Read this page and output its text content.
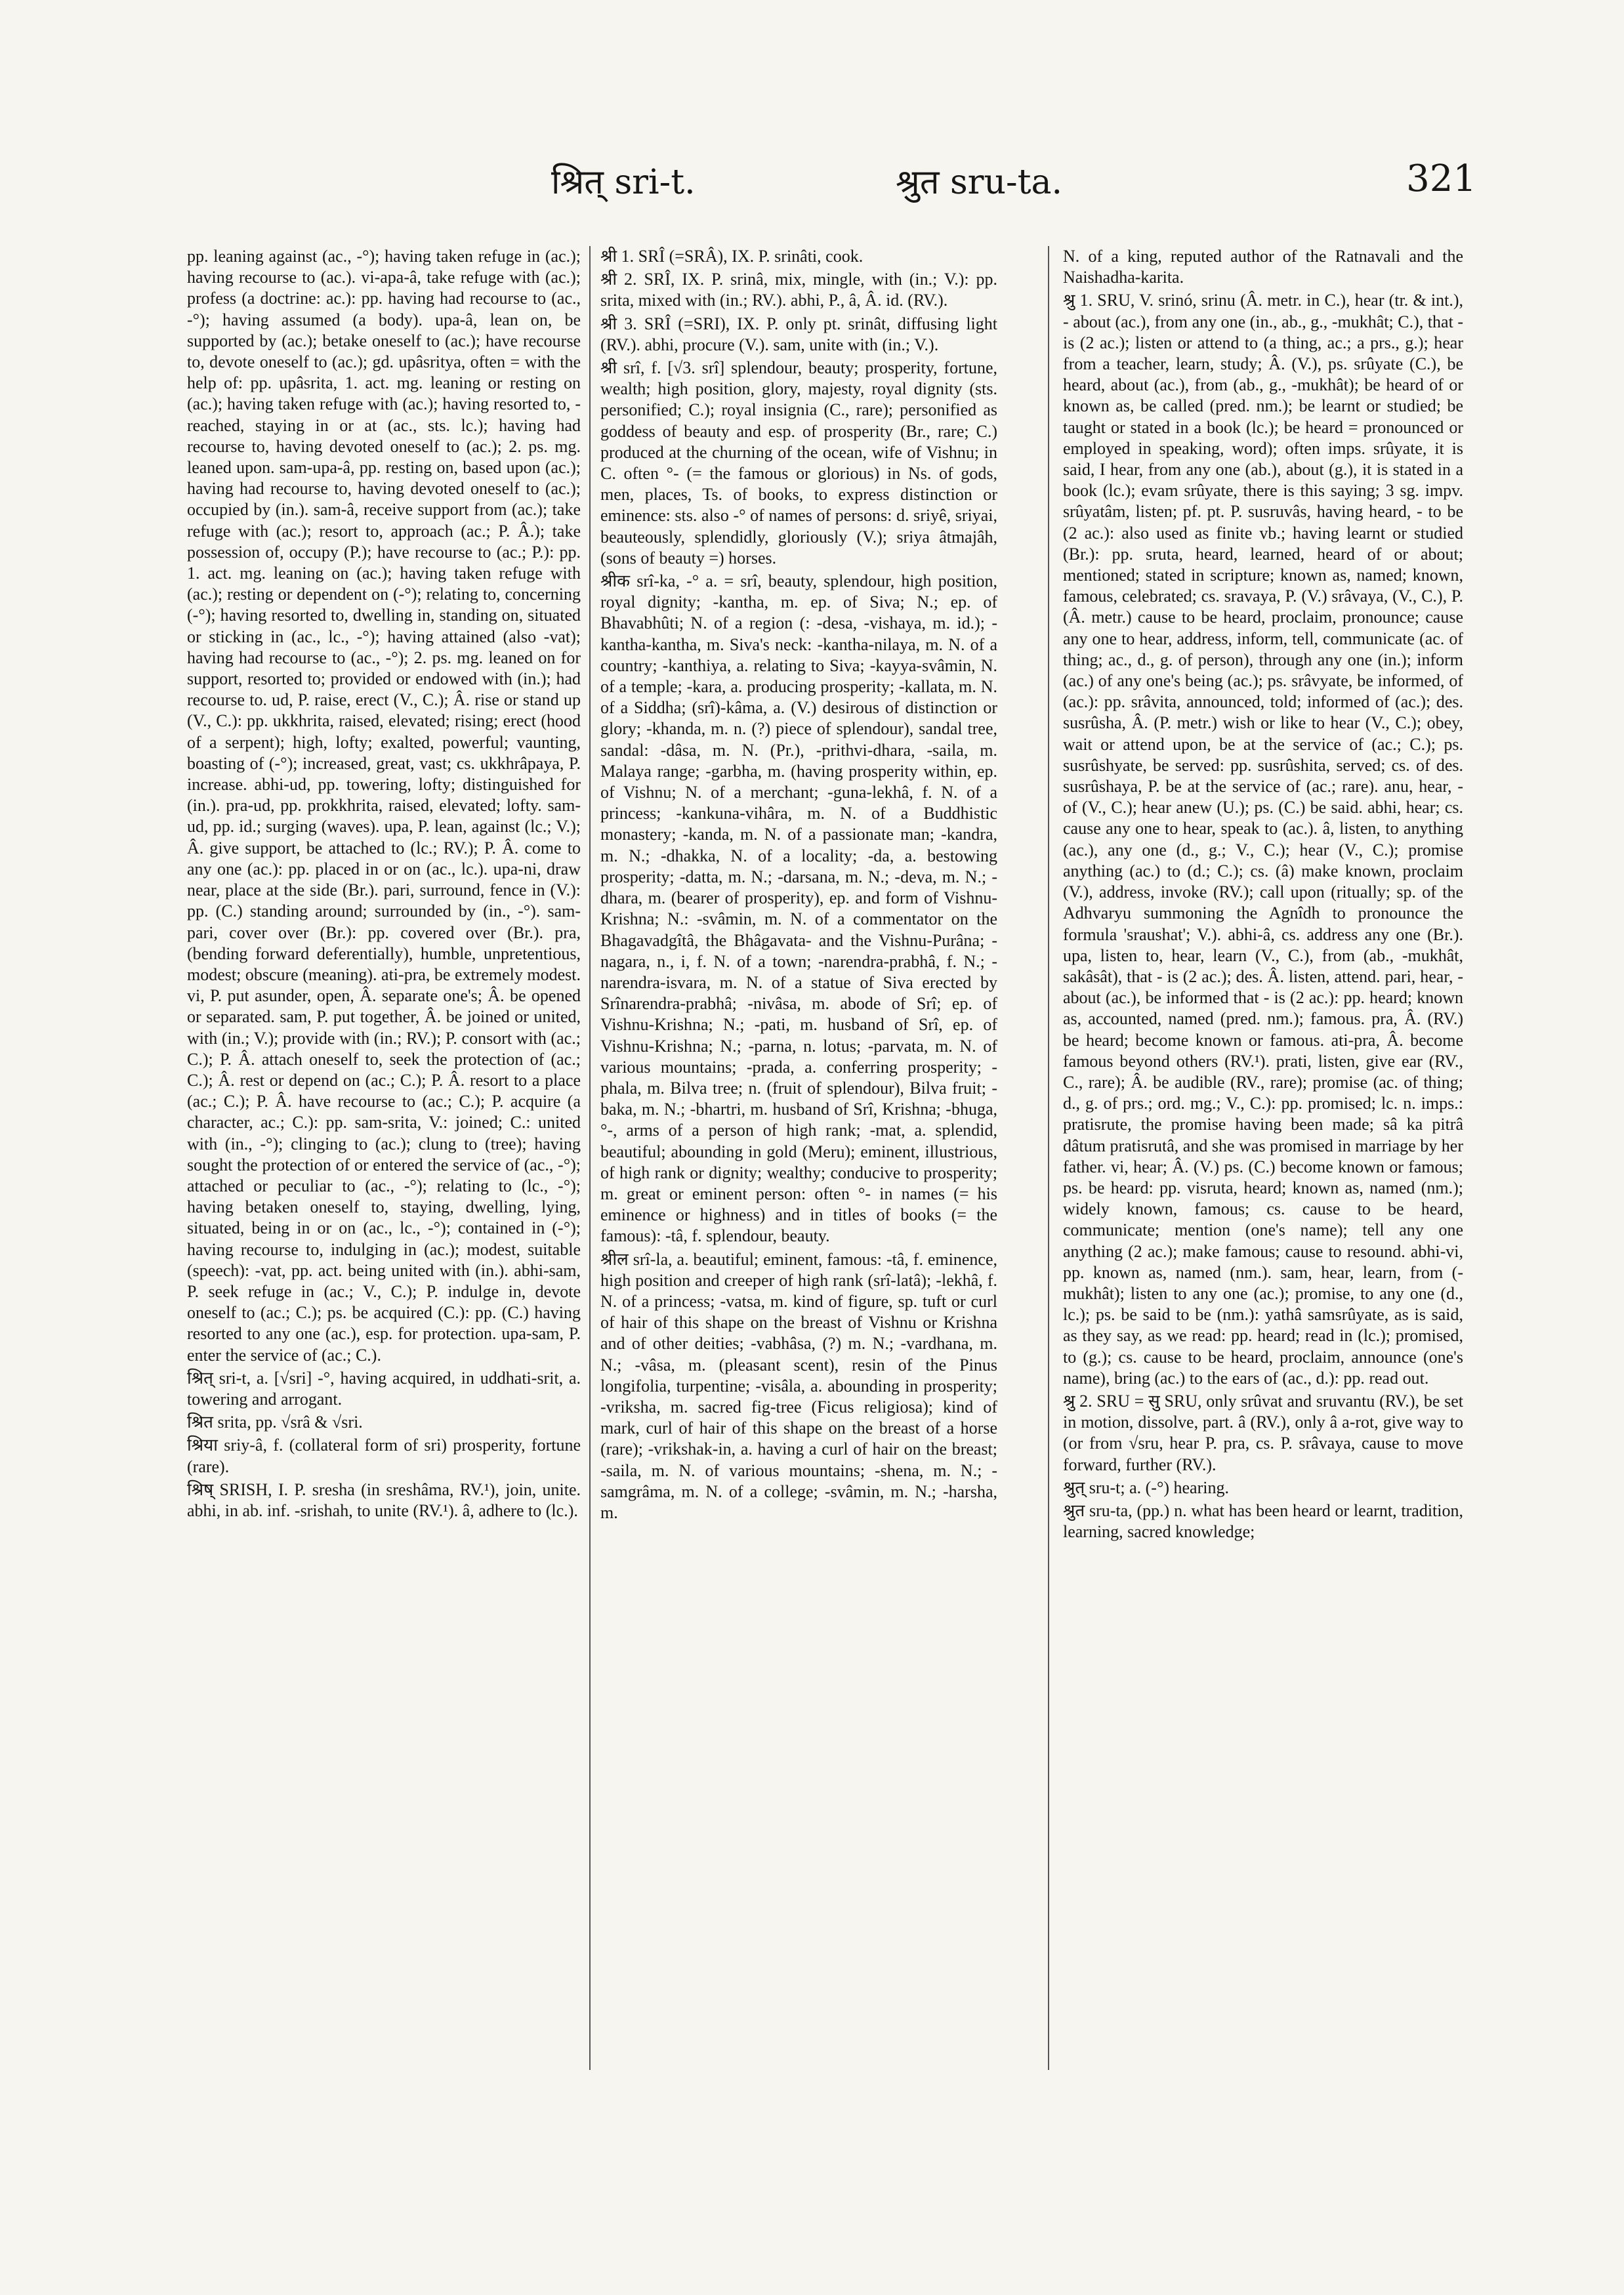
श्रित् sri-t.	श्रुत sru-ta.	321

pp. leaning against (ac., -°); having taken refuge in (ac.); having recourse to (ac.). vi-apa-â, take refuge with (ac.); profess (a doctrine: ac.): pp. having had recourse to (ac., -°); having assumed (a body). upa-â, lean on, be supported by (ac.); betake oneself to (ac.); have recourse to, devote oneself to (ac.); gd. upâsritya, often = with the help of: pp. upâsrita, 1. act. mg. leaning or resting on (ac.); having taken refuge with (ac.); having resorted to, - reached, staying in or at (ac., sts. lc.); having had recourse to, having devoted oneself to (ac.); 2. ps. mg. leaned upon. sam-upa-â, pp. resting on, based upon (ac.); having had recourse to, having devoted oneself to (ac.); occupied by (in.). sam-â, receive support from (ac.); take refuge with (ac.); resort to, approach (ac.; P. Â.); take possession of, occupy (P.); have recourse to (ac.; P.): pp. 1. act. mg. leaning on (ac.); having taken refuge with (ac.); resting or dependent on (-°); relating to, concerning (-°); having resorted to, dwelling in, standing on, situated or sticking in (ac., lc., -°); having attained (also -vat); having had recourse to (ac., -°); 2. ps. mg. leaned on for support, resorted to; provided or endowed with (in.); had recourse to. ud, P. raise, erect (V., C.); Â. rise or stand up (V., C.): pp. ukkhrita, raised, elevated; rising; erect (hood of a serpent); high, lofty; exalted, powerful; vaunting, boasting of (-°); increased, great, vast; cs. ukkhrâpaya, P. increase. abhi-ud, pp. towering, lofty; distinguished for (in.). pra-ud, pp. prokkhrita, raised, elevated; lofty. sam-ud, pp. id.; surging (waves). upa, P. lean, against (lc.; V.); Â. give support, be attached to (lc.; RV.); P. Â. come to any one (ac.): pp. placed in or on (ac., lc.). upa-ni, draw near, place at the side (Br.). pari, surround, fence in (V.): pp. (C.) standing around; surrounded by (in., -°). sam-pari, cover over (Br.): pp. covered over (Br.). pra, (bending forward deferentially), humble, unpretentious, modest; obscure (meaning). ati-pra, be extremely modest. vi, P. put asunder, open, Â. separate one's; Â. be opened or separated. sam, P. put together, Â. be joined or united, with (in.; V.); provide with (in.; RV.); P. consort with (ac.; C.); P. Â. attach oneself to, seek the protection of (ac.; C.); Â. rest or depend on (ac.; C.); P. Â. resort to a place (ac.; C.); P. Â. have recourse to (ac.; C.); P. acquire (a character, ac.; C.): pp. sam-srita, V.: joined; C.: united with (in., -°); clinging to (ac.); clung to (tree); having sought the protection of or entered the service of (ac., -°); attached or peculiar to (ac., -°); relating to (lc., -°); having betaken oneself to, staying, dwelling, lying, situated, being in or on (ac., lc., -°); contained in (-°); having recourse to, indulging in (ac.); modest, suitable (speech): -vat, pp. act. being united with (in.). abhi-sam, P. seek refuge in (ac.; V., C.); P. indulge in, devote oneself to (ac.; C.); ps. be acquired (C.): pp. (C.) having resorted to any one (ac.), esp. for protection. upa-sam, P. enter the service of (ac.; C.).

श्रित् sri-t, a. [√sri] -°, having acquired, in uddhati-srit, a. towering and arrogant.

श्रित srita, pp. √srâ & √sri.

श्रिया sriy-â, f. (collateral form of sri) prosperity, fortune (rare).

श्रिष् SRISH, I. P. sresha (in sreshâma, RV.¹), join, unite. abhi, in ab. inf. -srishah, to unite (RV.¹). â, adhere to (lc.).

श्री 1. SRÎ (=SRÂ), IX. P. srinâti, cook.

श्री 2. SRÎ, IX. P. srinâ, mix, mingle, with (in.; V.): pp. srita, mixed with (in.; RV.). abhi, P., â, Â. id. (RV.).

श्री 3. SRÎ (=SRI), IX. P. only pt. srinât, diffusing light (RV.). abhi, procure (V.). sam, unite with (in.; V.).

श्री srî, f. [√3. srî] splendour, beauty; prosperity, fortune, wealth; high position, glory, majesty, royal dignity (sts. personified; C.); royal insignia (C., rare); personified as goddess of beauty and esp. of prosperity (Br., rare; C.) produced at the churning of the ocean, wife of Vishnu; in C. often °- (= the famous or glorious) in Ns. of gods, men, places, Ts. of books, to express distinction or eminence: sts. also -° of names of persons: d. sriyê, sriyai, beauteously, splendidly, gloriously (V.); sriya âtmajâh, (sons of beauty =) horses.

श्रीक srî-ka, -° a. = srî, beauty, splendour, high position, royal dignity; -kantha, m. ep. of Siva; N.; ep. of Bhavabhûti; N. of a region (: -desa, -vishaya, m. id.); -kantha-kantha, m. Siva's neck: -kantha-nilaya, m. N. of a country; -kanthiya, a. relating to Siva; -kayya-svâmin, N. of a temple; -kara, a. producing prosperity; -kallata, m. N. of a Siddha; (srî)-kâma, a. (V.) desirous of distinction or glory; -khanda, m. n. (?) piece of splendour), sandal tree, sandal: -dâsa, m. N. (Pr.), -prithvi-dhara, -saila, m. Malaya range; -garbha, m. (having prosperity within, ep. of Vishnu; N. of a merchant; -guna-lekhâ, f. N. of a princess; -kankuna-vihâra, m. N. of a Buddhistic monastery; -kanda, m. N. of a passionate man; -kandra, m. N.; -dhakka, N. of a locality; -da, a. bestowing prosperity; -datta, m. N.; -darsana, m. N.; -deva, m. N.; -dhara, m. (bearer of prosperity), ep. and form of Vishnu-Krishna; N.: -svâmin, m. N. of a commentator on the Bhagavadgîtâ, the Bhâgavata- and the Vishnu-Purâna; -nagara, n., i, f. N. of a town; -narendra-prabhâ, f. N.; -narendra-isvara, m. N. of a statue of Siva erected by Srînarendra-prabhâ; -nivâsa, m. abode of Srî; ep. of Vishnu-Krishna; N.; -pati, m. husband of Srî, ep. of Vishnu-Krishna; N.; -parna, n. lotus; -parvata, m. N. of various mountains; -prada, a. conferring prosperity; -phala, m. Bilva tree; n. (fruit of splendour), Bilva fruit; -baka, m. N.; -bhartri, m. husband of Srî, Krishna; -bhuga, °-, arms of a person of high rank; -mat, a. splendid, beautiful; abounding in gold (Meru); eminent, illustrious, of high rank or dignity; wealthy; conducive to prosperity; m. great or eminent person: often °- in names (= his eminence or highness) and in titles of books (= the famous): -tâ, f. splendour, beauty.

श्रील srî-la, a. beautiful; eminent, famous: -tâ, f. eminence, high position and creeper of high rank (srî-latâ); -lekhâ, f. N. of a princess; -vatsa, m. kind of figure, sp. tuft or curl of hair of this shape on the breast of Vishnu or Krishna and of other deities; -vabhâsa, (?) m. N.; -vardhana, m. N.; -vâsa, m. (pleasant scent), resin of the Pinus longifolia, turpentine; -visâla, a. abounding in prosperity; -vriksha, m. sacred fig-tree (Ficus religiosa); kind of mark, curl of hair of this shape on the breast of a horse (rare); -vrikshak-in, a. having a curl of hair on the breast; -saila, m. N. of various mountains; -shena, m. N.; -samgrâma, m. N. of a college; -svâmin, m. N.; -harsha, m.

N. of a king, reputed author of the Ratnavali and the Naishadha-karita.

श्रु 1. SRU, V. srinó, srinu (Â. metr. in C.), hear (tr. & int.), - about (ac.), from any one (in., ab., g., -mukhât; C.), that - is (2 ac.); listen or attend to (a thing, ac.; a prs., g.); hear from a teacher, learn, study; Â. (V.), ps. srûyate (C.), be heard, about (ac.), from (ab., g., -mukhât); be heard of or known as, be called (pred. nm.); be learnt or studied; be taught or stated in a book (lc.); be heard = pronounced or employed in speaking, word); often imps. srûyate, it is said, I hear, from any one (ab.), about (g.), it is stated in a book (lc.); evam srûyate, there is this saying; 3 sg. impv. srûyatâm, listen; pf. pt. P. susruvâs, having heard, - to be (2 ac.): also used as finite vb.; having learnt or studied (Br.): pp. sruta, heard, learned, heard of or about; mentioned; stated in scripture; known as, named; known, famous, celebrated; cs. sravaya, P. (V.) srâvaya, (V., C.), P. (Â. metr.) cause to be heard, proclaim, pronounce; cause any one to hear, address, inform, tell, communicate (ac. of thing; ac., d., g. of person), through any one (in.); inform (ac.) of any one's being (ac.); ps. srâvyate, be informed, of (ac.): pp. srâvita, announced, told; informed of (ac.); des. susrûsha, Â. (P. metr.) wish or like to hear (V., C.); obey, wait or attend upon, be at the service of (ac.; C.); ps. susrûshyate, be served: pp. susrûshita, served; cs. of des. susrûshaya, P. be at the service of (ac.; rare). anu, hear, - of (V., C.); hear anew (U.); ps. (C.) be said. abhi, hear; cs. cause any one to hear, speak to (ac.). â, listen, to anything (ac.), any one (d., g.; V., C.); hear (V., C.); promise anything (ac.) to (d.; C.); cs. (â) make known, proclaim (V.), address, invoke (RV.); call upon (ritually; sp. of the Adhvaryu summoning the Agnîdh to pronounce the formula 'sraushat'; V.). abhi-â, cs. address any one (Br.). upa, listen to, hear, learn (V., C.), from (ab., -mukhât, sakâsât), that - is (2 ac.); des. Â. listen, attend. pari, hear, - about (ac.), be informed that - is (2 ac.): pp. heard; known as, accounted, named (pred. nm.); famous. pra, Â. (RV.) be heard; become known or famous. ati-pra, Â. become famous beyond others (RV.¹). prati, listen, give ear (RV., C., rare); Â. be audible (RV., rare); promise (ac. of thing; d., g. of prs.; ord. mg.; V., C.): pp. promised; lc. n. imps.: pratisrute, the promise having been made; sâ ka pitrâ dâtum pratisrutâ, and she was promised in marriage by her father. vi, hear; Â. (V.) ps. (C.) become known or famous; ps. be heard: pp. visruta, heard; known as, named (nm.); widely known, famous; cs. cause to be heard, communicate; mention (one's name); tell any one anything (2 ac.); make famous; cause to resound. abhi-vi, pp. known as, named (nm.). sam, hear, learn, from (-mukhât); listen to any one (ac.); promise, to any one (d., lc.); ps. be said to be (nm.): yathâ samsrûyate, as is said, as they say, as we read: pp. heard; read in (lc.); promised, to (g.); cs. cause to be heard, proclaim, announce (one's name), bring (ac.) to the ears of (ac., d.): pp. read out.

श्रु 2. SRU = सु SRU, only srûvat and sruvantu (RV.), be set in motion, dissolve, part. â (RV.), only â a-rot, give way to (or from √sru, hear P. pra, cs. P. srâvaya, cause to move forward, further (RV.).

श्रुत् sru-t; a. (-°) hearing.

श्रुत sru-ta, (pp.) n. what has been heard or learnt, tradition, learning, sacred knowledge;
